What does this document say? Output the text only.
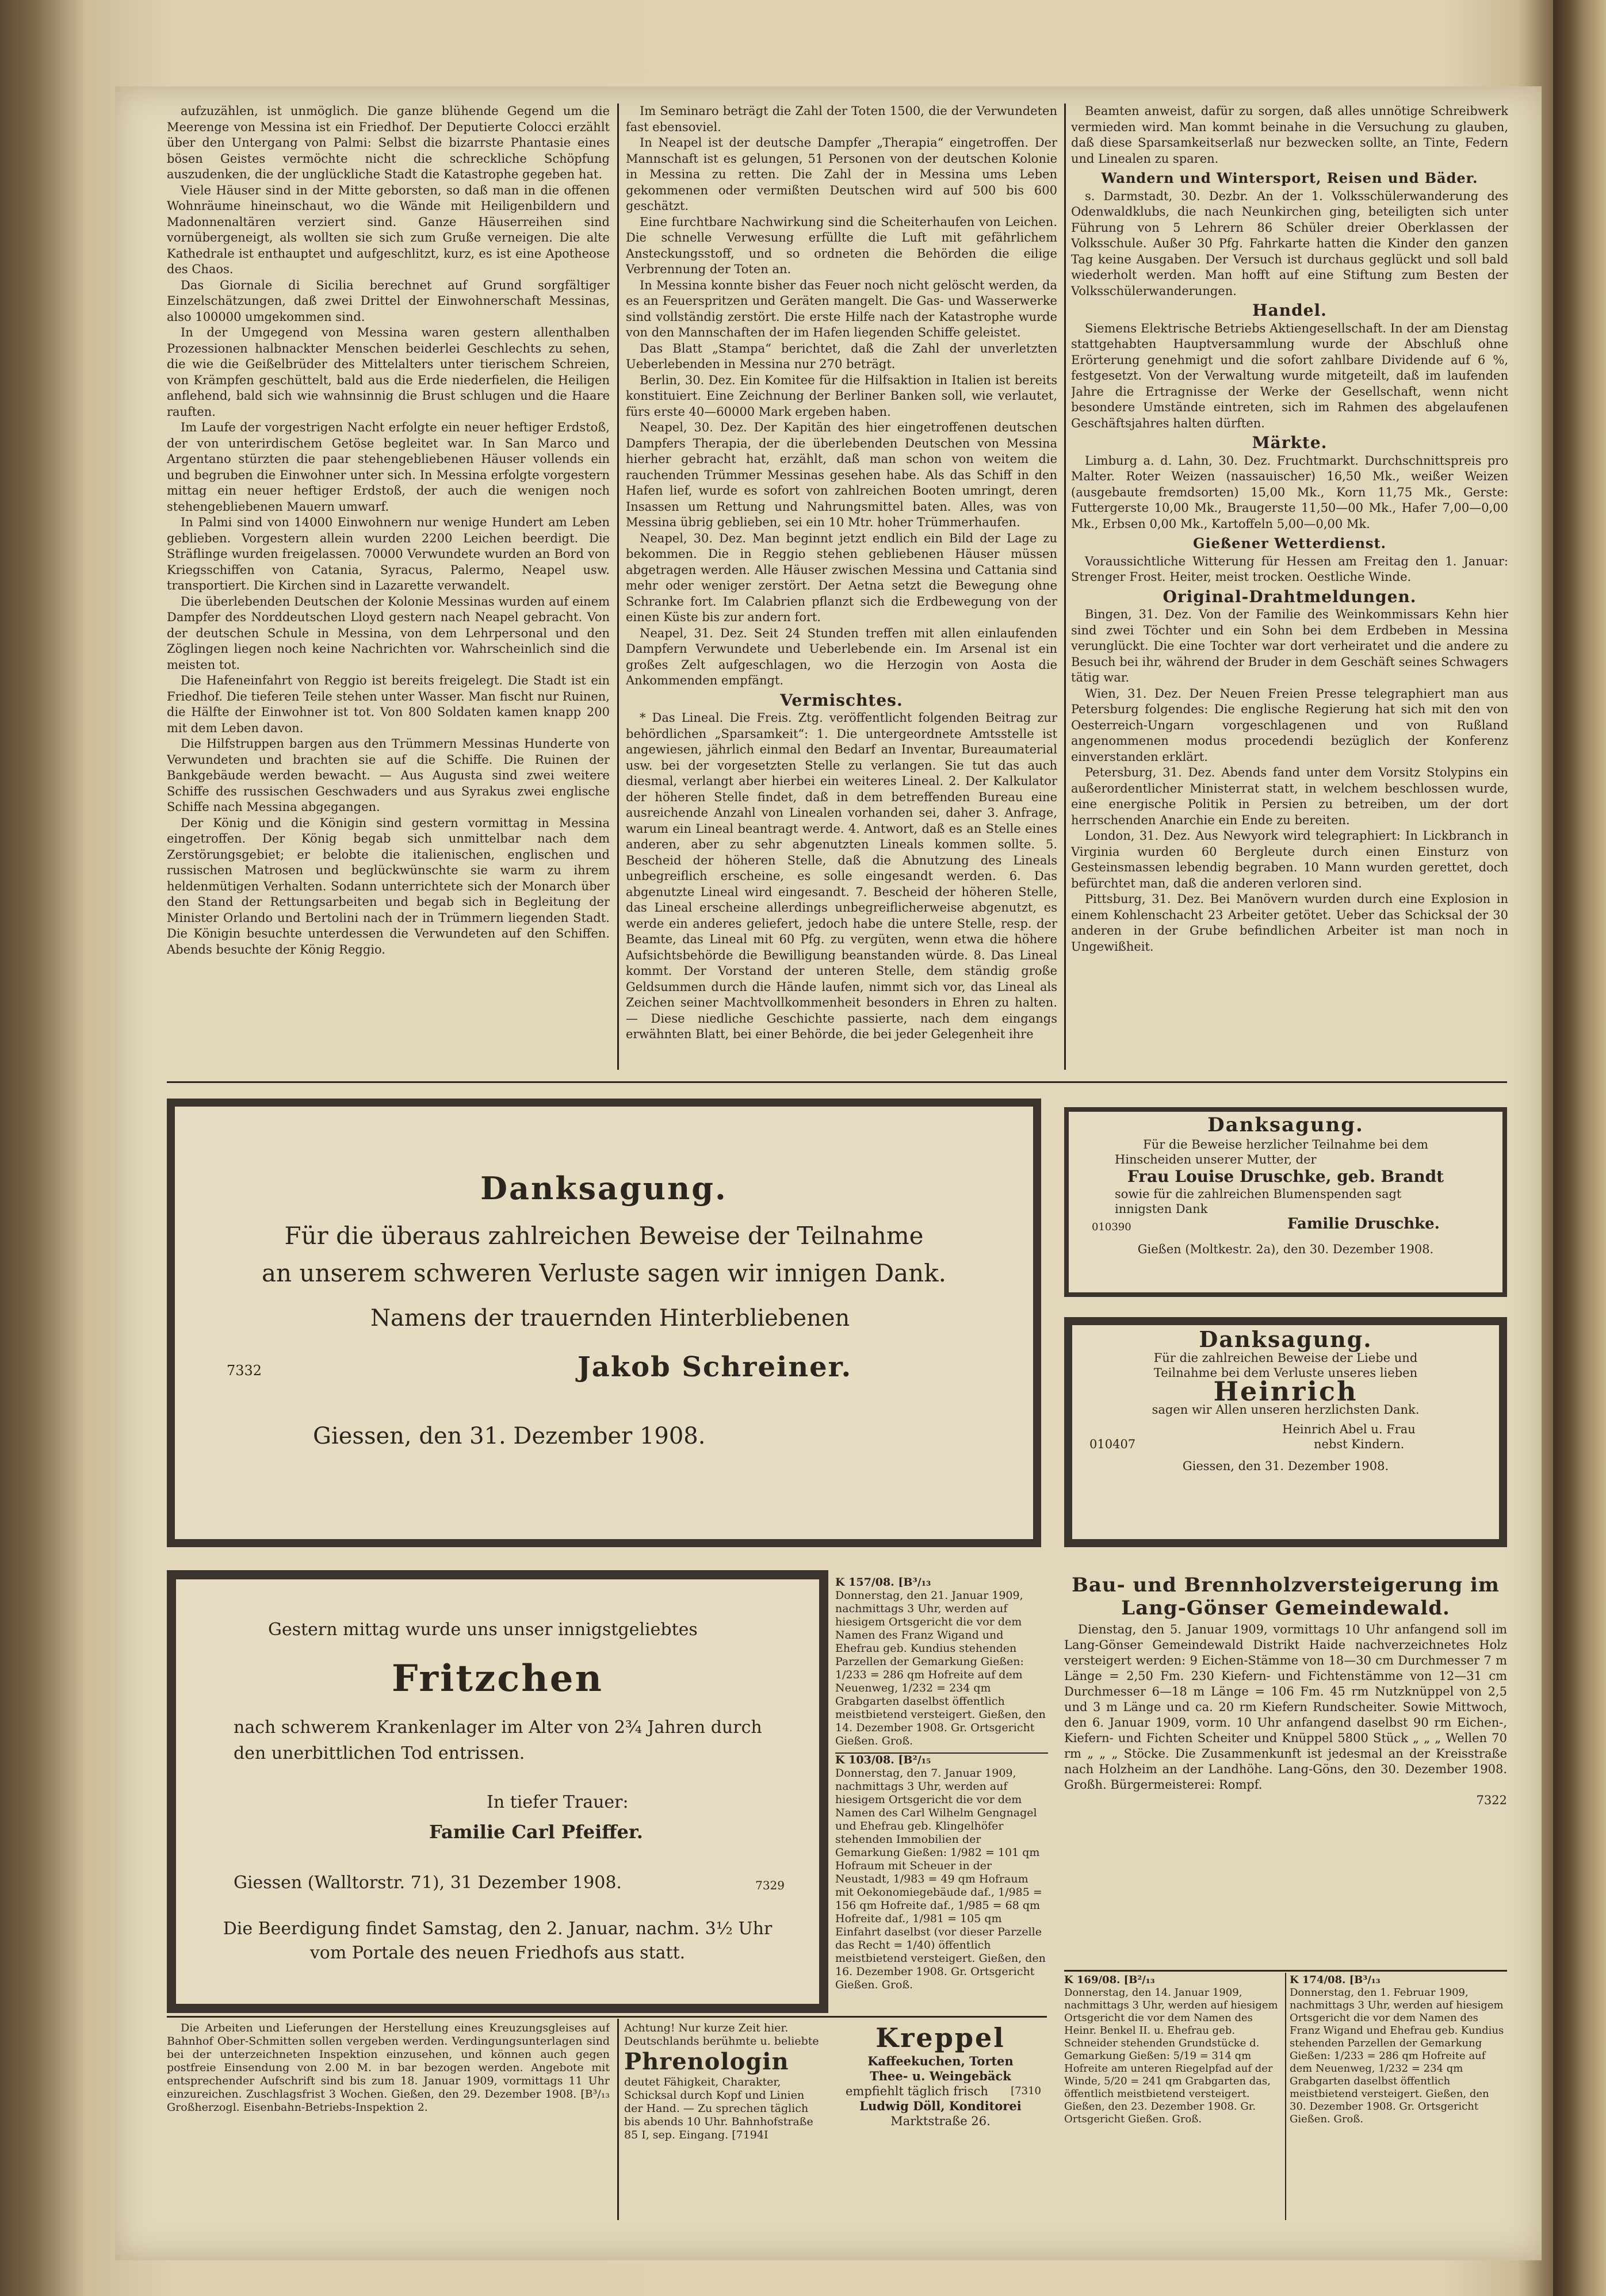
aufzuzählen, ist unmöglich. Die ganze blühende Gegend um die Meerenge von Messina ist ein Friedhof. Der Deputierte Colocci erzählt über den Untergang von Palmi: Selbst die bizarrste Phantasie eines bösen Geistes vermöchte nicht die schreckliche Schöpfung auszudenken, die der unglückliche Stadt die Katastrophe gegeben hat.

Viele Häuser sind in der Mitte geborsten, so daß man in die offenen Wohnräume hineinschaut, wo die Wände mit Heiligenbildern und Madonnenaltären verziert sind. Ganze Häuserreihen sind vornübergeneigt, als wollten sie sich zum Gruße verneigen. Die alte Kathedrale ist enthauptet und aufgeschlitzt, kurz, es ist eine Apotheose des Chaos.

Das Giornale di Sicilia berechnet auf Grund sorgfältiger Einzelschätzungen, daß zwei Drittel der Einwohnerschaft Messinas, also 100000 umgekommen sind.

In der Umgegend von Messina waren gestern allenthalben Prozessionen halbnackter Menschen beiderlei Geschlechts zu sehen, die wie die Geißelbrüder des Mittelalters unter tierischem Schreien, von Krämpfen geschüttelt, bald aus die Erde niederfielen, die Heiligen anflehend, bald sich wie wahnsinnig die Brust schlugen und die Haare rauften.

Im Laufe der vorgestrigen Nacht erfolgte ein neuer heftiger Erdstoß, der von unterirdischem Getöse begleitet war. In San Marco und Argentano stürzten die paar stehengebliebenen Häuser vollends ein und begruben die Einwohner unter sich. In Messina erfolgte vorgestern mittag ein neuer heftiger Erdstoß, der auch die wenigen noch stehengebliebenen Mauern umwarf.

In Palmi sind von 14000 Einwohnern nur wenige Hundert am Leben geblieben. Vorgestern allein wurden 2200 Leichen beerdigt. Die Sträflinge wurden freigelassen. 70000 Verwundete wurden an Bord von Kriegsschiffen von Catania, Syracus, Palermo, Neapel usw. transportiert. Die Kirchen sind in Lazarette verwandelt.

Die überlebenden Deutschen der Kolonie Messinas wurden auf einem Dampfer des Norddeutschen Lloyd gestern nach Neapel gebracht. Von der deutschen Schule in Messina, von dem Lehrpersonal und den Zöglingen liegen noch keine Nachrichten vor. Wahrscheinlich sind die meisten tot.

Die Hafeneinfahrt von Reggio ist bereits freigelegt. Die Stadt ist ein Friedhof. Die tieferen Teile stehen unter Wasser. Man fischt nur Ruinen, die Hälfte der Einwohner ist tot. Von 800 Soldaten kamen knapp 200 mit dem Leben davon.

Die Hilfstruppen bargen aus den Trümmern Messinas Hunderte von Verwundeten und brachten sie auf die Schiffe. Die Ruinen der Bankgebäude werden bewacht. — Aus Augusta sind zwei weitere Schiffe des russischen Geschwaders und aus Syrakus zwei englische Schiffe nach Messina abgegangen.

Der König und die Königin sind gestern vormittag in Messina eingetroffen. Der König begab sich unmittelbar nach dem Zerstörungsgebiet; er belobte die italienischen, englischen und russischen Matrosen und beglückwünschte sie warm zu ihrem heldenmütigen Verhalten. Sodann unterrichtete sich der Monarch über den Stand der Rettungsarbeiten und begab sich in Begleitung der Minister Orlando und Bertolini nach der in Trümmern liegenden Stadt. Die Königin besuchte unterdessen die Verwundeten auf den Schiffen. Abends besuchte der König Reggio.

Im Seminaro beträgt die Zahl der Toten 1500, die der Verwundeten fast ebensoviel.

In Neapel ist der deutsche Dampfer „Therapia“ eingetroffen. Der Mannschaft ist es gelungen, 51 Personen von der deutschen Kolonie in Messina zu retten. Die Zahl der in Messina ums Leben gekommenen oder vermißten Deutschen wird auf 500 bis 600 geschätzt.

Eine furchtbare Nachwirkung sind die Scheiterhaufen von Leichen. Die schnelle Verwesung erfüllte die Luft mit gefährlichem Ansteckungsstoff, und so ordneten die Behörden die eilige Verbrennung der Toten an.

In Messina konnte bisher das Feuer noch nicht gelöscht werden, da es an Feuerspritzen und Geräten mangelt. Die Gas- und Wasserwerke sind vollständig zerstört. Die erste Hilfe nach der Katastrophe wurde von den Mannschaften der im Hafen liegenden Schiffe geleistet.

Das Blatt „Stampa“ berichtet, daß die Zahl der unverletzten Ueberlebenden in Messina nur 270 beträgt.

Berlin, 30. Dez. Ein Komitee für die Hilfsaktion in Italien ist bereits konstituiert. Eine Zeichnung der Berliner Banken soll, wie verlautet, fürs erste 40—60000 Mark ergeben haben.

Neapel, 30. Dez. Der Kapitän des hier eingetroffenen deutschen Dampfers Therapia, der die überlebenden Deutschen von Messina hierher gebracht hat, erzählt, daß man schon von weitem die rauchenden Trümmer Messinas gesehen habe. Als das Schiff in den Hafen lief, wurde es sofort von zahlreichen Booten umringt, deren Insassen um Rettung und Nahrungsmittel baten. Alles, was von Messina übrig geblieben, sei ein 10 Mtr. hoher Trümmerhaufen.

Neapel, 30. Dez. Man beginnt jetzt endlich ein Bild der Lage zu bekommen. Die in Reggio stehen gebliebenen Häuser müssen abgetragen werden. Alle Häuser zwischen Messina und Cattania sind mehr oder weniger zerstört. Der Aetna setzt die Bewegung ohne Schranke fort. Im Calabrien pflanzt sich die Erdbewegung von der einen Küste bis zur andern fort.

Neapel, 31. Dez. Seit 24 Stunden treffen mit allen einlaufenden Dampfern Verwundete und Ueberlebende ein. Im Arsenal ist ein großes Zelt aufgeschlagen, wo die Herzogin von Aosta die Ankommenden empfängt.

Vermischtes.

* Das Lineal. Die Freis. Ztg. veröffentlicht folgenden Beitrag zur behördlichen „Sparsamkeit“: 1. Die untergeordnete Amtsstelle ist angewiesen, jährlich einmal den Bedarf an Inventar, Bureaumaterial usw. bei der vorgesetzten Stelle zu verlangen. Sie tut das auch diesmal, verlangt aber hierbei ein weiteres Lineal. 2. Der Kalkulator der höheren Stelle findet, daß in dem betreffenden Bureau eine ausreichende Anzahl von Linealen vorhanden sei, daher 3. Anfrage, warum ein Lineal beantragt werde. 4. Antwort, daß es an Stelle eines anderen, aber zu sehr abgenutzten Lineals kommen sollte. 5. Bescheid der höheren Stelle, daß die Abnutzung des Lineals unbegreiflich erscheine, es solle eingesandt werden. 6. Das abgenutzte Lineal wird eingesandt. 7. Bescheid der höheren Stelle, das Lineal erscheine allerdings unbegreiflicherweise abgenutzt, es werde ein anderes geliefert, jedoch habe die untere Stelle, resp. der Beamte, das Lineal mit 60 Pfg. zu vergüten, wenn etwa die höhere Aufsichtsbehörde die Bewilligung beanstanden würde. 8. Das Lineal kommt. Der Vorstand der unteren Stelle, dem ständig große Geldsummen durch die Hände laufen, nimmt sich vor, das Lineal als Zeichen seiner Machtvollkommenheit besonders in Ehren zu halten. — Diese niedliche Geschichte passierte, nach dem eingangs erwähnten Blatt, bei einer Behörde, die bei jeder Gelegenheit ihre

Beamten anweist, dafür zu sorgen, daß alles unnötige Schreibwerk vermieden wird. Man kommt beinahe in die Versuchung zu glauben, daß diese Sparsamkeitserlaß nur bezwecken sollte, an Tinte, Federn und Linealen zu sparen.

Wandern und Wintersport, Reisen und Bäder.

s. Darmstadt, 30. Dezbr. An der 1. Volksschülerwanderung des Odenwaldklubs, die nach Neunkirchen ging, beteiligten sich unter Führung von 5 Lehrern 86 Schüler dreier Oberklassen der Volksschule. Außer 30 Pfg. Fahrkarte hatten die Kinder den ganzen Tag keine Ausgaben. Der Versuch ist durchaus geglückt und soll bald wiederholt werden. Man hofft auf eine Stiftung zum Besten der Volksschülerwanderungen.

Handel.

Siemens Elektrische Betriebs Aktiengesellschaft. In der am Dienstag stattgehabten Hauptversammlung wurde der Abschluß ohne Erörterung genehmigt und die sofort zahlbare Dividende auf 6 %, festgesetzt. Von der Verwaltung wurde mitgeteilt, daß im laufenden Jahre die Ertragnisse der Werke der Gesellschaft, wenn nicht besondere Umstände eintreten, sich im Rahmen des abgelaufenen Geschäftsjahres halten dürften.

Märkte.

Limburg a. d. Lahn, 30. Dez. Fruchtmarkt. Durchschnittspreis pro Malter. Roter Weizen (nassauischer) 16,50 Mk., weißer Weizen (ausgebaute fremdsorten) 15,00 Mk., Korn 11,75 Mk., Gerste: Futtergerste 10,00 Mk., Braugerste 11,50—00 Mk., Hafer 7,00—0,00 Mk., Erbsen 0,00 Mk., Kartoffeln 5,00—0,00 Mk.

Gießener Wetterdienst.

Voraussichtliche Witterung für Hessen am Freitag den 1. Januar: Strenger Frost. Heiter, meist trocken. Oestliche Winde.

Original-Drahtmeldungen.

Bingen, 31. Dez. Von der Familie des Weinkommissars Kehn hier sind zwei Töchter und ein Sohn bei dem Erdbeben in Messina verunglückt. Die eine Tochter war dort verheiratet und die andere zu Besuch bei ihr, während der Bruder in dem Geschäft seines Schwagers tätig war.

Wien, 31. Dez. Der Neuen Freien Presse telegraphiert man aus Petersburg folgendes: Die englische Regierung hat sich mit den von Oesterreich-Ungarn vorgeschlagenen und von Rußland angenommenen modus procedendi bezüglich der Konferenz einverstanden erklärt.

Petersburg, 31. Dez. Abends fand unter dem Vorsitz Stolypins ein außerordentlicher Ministerrat statt, in welchem beschlossen wurde, eine energische Politik in Persien zu betreiben, um der dort herrschenden Anarchie ein Ende zu bereiten.

London, 31. Dez. Aus Newyork wird telegraphiert: In Lickbranch in Virginia wurden 60 Bergleute durch einen Einsturz von Gesteinsmassen lebendig begraben. 10 Mann wurden gerettet, doch befürchtet man, daß die anderen verloren sind.

Pittsburg, 31. Dez. Bei Manövern wurden durch eine Explosion in einem Kohlenschacht 23 Arbeiter getötet. Ueber das Schicksal der 30 anderen in der Grube befindlichen Arbeiter ist man noch in Ungewißheit.

Danksagung.
Für die überaus zahlreichen Beweise der Teilnahme
an unserem schweren Verluste sagen wir innigen Dank.
Namens der trauernden Hinterbliebenen
7332	Jakob Schreiner.
Giessen, den 31. Dezember 1908.
Danksagung.
Für die Beweise herzlicher Teilnahme bei dem
Hinscheiden unserer Mutter, der
Frau Louise Druschke, geb. Brandt
sowie für die zahlreichen Blumenspenden sagt
innigsten Dank
010390	Familie Druschke.
Gießen (Moltkestr. 2a), den 30. Dezember 1908.
Danksagung.
Für die zahlreichen Beweise der Liebe und
Teilnahme bei dem Verluste unseres lieben
Heinrich
sagen wir Allen unseren herzlichsten Dank.
Heinrich Abel u. Frau
010407	nebst Kindern.
Giessen, den 31. Dezember 1908.
Gestern mittag wurde uns unser innigstgeliebtes
Fritzchen
nach schwerem Krankenlager im Alter von 2¾ Jahren durch
den unerbittlichen Tod entrissen.
In tiefer Trauer:
Familie Carl Pfeiffer.
Giessen (Walltorstr. 71), 31 Dezember 1908.	7329
Die Beerdigung findet Samstag, den 2. Januar, nachm. 3½ Uhr
vom Portale des neuen Friedhofs aus statt.
K 157/08. [B³/₁₃
Donnerstag, den 21. Januar 1909, nachmittags 3 Uhr, werden auf hiesigem Ortsgericht die vor dem Namen des Franz Wigand und Ehefrau geb. Kundius stehenden Parzellen der Gemarkung Gießen: 1/233 = 286 qm Hofreite auf dem Neuenweg, 1/232 = 234 qm Grabgarten daselbst öffentlich meistbietend versteigert. Gießen, den 14. Dezember 1908. Gr. Ortsgericht Gießen. Groß.
K 103/08. [B²/₁₅
Donnerstag, den 7. Januar 1909, nachmittags 3 Uhr, werden auf hiesigem Ortsgericht die vor dem Namen des Carl Wilhelm Gengnagel und Ehefrau geb. Klingelhöfer stehenden Immobilien der Gemarkung Gießen: 1/982 = 101 qm Hofraum mit Scheuer in der Neustadt, 1/983 = 49 qm Hofraum mit Oekonomiegebäude daf., 1/985 = 156 qm Hofreite daf., 1/985 = 68 qm Hofreite daf., 1/981 = 105 qm Einfahrt daselbst (vor dieser Parzelle das Recht = 1/40) öffentlich meistbietend versteigert. Gießen, den 16. Dezember 1908. Gr. Ortsgericht Gießen. Groß.
Bau- und Brennholzversteigerung im Lang-Gönser Gemeindewald.

Dienstag, den 5. Januar 1909, vormittags 10 Uhr anfangend soll im Lang-Gönser Gemeindewald Distrikt Haide nachverzeichnetes Holz versteigert werden: 9 Eichen-Stämme von 18—30 cm Durchmesser 7 m Länge = 2,50 Fm. 230 Kiefern- und Fichtenstämme von 12—31 cm Durchmesser 6—18 m Länge = 106 Fm. 45 rm Nutzknüppel von 2,5 und 3 m Länge und ca. 20 rm Kiefern Rundscheiter. Sowie Mittwoch, den 6. Januar 1909, vorm. 10 Uhr anfangend daselbst 90 rm Eichen-, Kiefern- und Fichten Scheiter und Knüppel 5800 Stück „ „ „ Wellen 70 rm „ „ „ Stöcke. Die Zusammenkunft ist jedesmal an der Kreisstraße nach Holzheim an der Landhöhe. Lang-Göns, den 30. Dezember 1908. Großh. Bürgermeisterei: Rompf.

7322

Die Arbeiten und Lieferungen der Herstellung eines Kreuzungsgleises auf Bahnhof Ober-Schmitten sollen vergeben werden. Verdingungsunterlagen sind bei der unterzeichneten Inspektion einzusehen, und können auch gegen postfreie Einsendung von 2.00 M. in bar bezogen werden. Angebote mit entsprechender Aufschrift sind bis zum 18. Januar 1909, vormittags 11 Uhr einzureichen. Zuschlagsfrist 3 Wochen. Gießen, den 29. Dezember 1908. [B³/₁₃ Großherzogl. Eisenbahn-Betriebs-Inspektion 2.

Achtung! Nur kurze Zeit hier. Deutschlands berühmte u. beliebte
Phrenologin
deutet Fähigkeit, Charakter, Schicksal durch Kopf und Linien der Hand. — Zu sprechen täglich bis abends 10 Uhr. Bahnhofstraße 85 I, sep. Eingang. [7194I
Kreppel
Kaffeekuchen, Torten
Thee- u. Weingebäck
empfiehlt täglich frisch [7310
Ludwig Döll, Konditorei
Marktstraße 26.
K 169/08. [B²/₁₃
Donnerstag, den 14. Januar 1909, nachmittags 3 Uhr, werden auf hiesigem Ortsgericht die vor dem Namen des Heinr. Benkel II. u. Ehefrau geb. Schneider stehenden Grundstücke d. Gemarkung Gießen: 5/19 = 314 qm Hofreite am unteren Riegelpfad auf der Winde, 5/20 = 241 qm Grabgarten das, öffentlich meistbietend versteigert. Gießen, den 23. Dezember 1908. Gr. Ortsgericht Gießen. Groß.
K 174/08. [B³/₁₃
Donnerstag, den 1. Februar 1909, nachmittags 3 Uhr, werden auf hiesigem Ortsgericht die vor dem Namen des Franz Wigand und Ehefrau geb. Kundius stehenden Parzellen der Gemarkung Gießen: 1/233 = 286 qm Hofreite auf dem Neuenweg, 1/232 = 234 qm Grabgarten daselbst öffentlich meistbietend versteigert. Gießen, den 30. Dezember 1908. Gr. Ortsgericht Gießen. Groß.
